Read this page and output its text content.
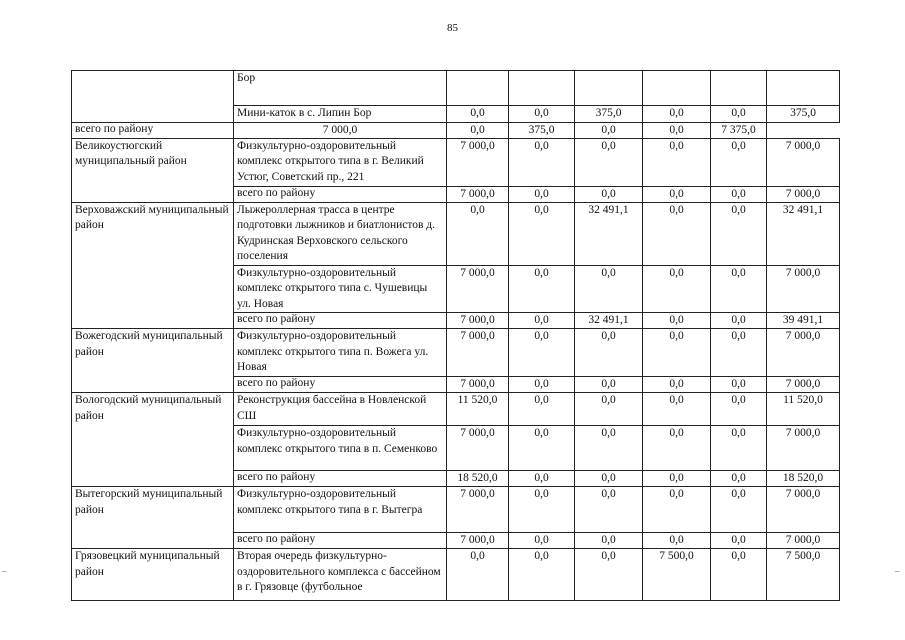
85
	Бор						
	Мини-каток в с. Липин Бор	0,0	0,0	375,0	0,0	0,0	375,0
всего по району	7 000,0	0,0	375,0	0,0	0,0	7 375,0	
Великоустюгский муниципальный район	Физкультурно-оздоровительный комплекс открытого типа в г. Великий Устюг, Советский пр., 221	7 000,0	0,0	0,0	0,0	0,0	7 000,0
	всего по району	7 000,0	0,0	0,0	0,0	0,0	7 000,0
Верховажский муниципальный район	Лыжероллерная трасса в центре подготовки лыжников и биатлонистов д. Кудринская Верховского сельского поселения	0,0	0,0	32 491,1	0,0	0,0	32 491,1
	Физкультурно-оздоровительный комплекс открытого типа с. Чушевицы ул. Новая	7 000,0	0,0	0,0	0,0	0,0	7 000,0
	всего по району	7 000,0	0,0	32 491,1	0,0	0,0	39 491,1
Вожегодский муниципальный район	Физкультурно-оздоровительный комплекс открытого типа п. Вожега ул. Новая	7 000,0	0,0	0,0	0,0	0,0	7 000,0
	всего по району	7 000,0	0,0	0,0	0,0	0,0	7 000,0
Вологодский муниципальный район	Реконструкция бассейна в Новленской СШ	11 520,0	0,0	0,0	0,0	0,0	11 520,0
	Физкультурно-оздоровительный комплекс открытого типа в п. Семенково	7 000,0	0,0	0,0	0,0	0,0	7 000,0
	всего по району	18 520,0	0,0	0,0	0,0	0,0	18 520,0
Вытегорский муниципальный район	Физкультурно-оздоровительный комплекс открытого типа в г. Вытегра	7 000,0	0,0	0,0	0,0	0,0	7 000,0
	всего по району	7 000,0	0,0	0,0	0,0	0,0	7 000,0
Грязовецкий муниципальный район	Вторая очередь физкультурно-оздоровительного комплекса с бассейном в г. Грязовце (футбольное	0,0	0,0	0,0	7 500,0	0,0	7 500,0
–	–
